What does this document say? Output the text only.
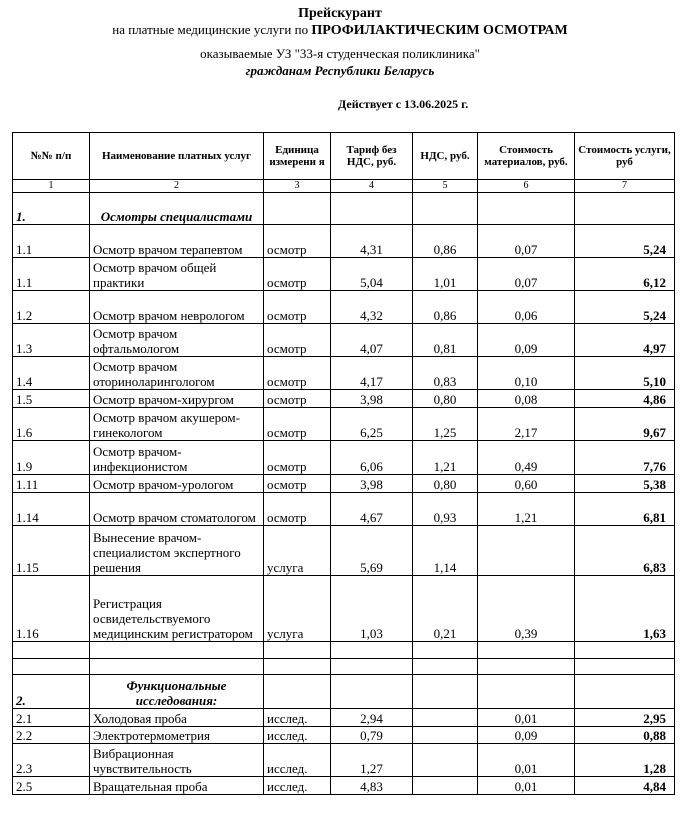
Прейскурант
на платные медицинские услуги по ПРОФИЛАКТИЧЕСКИМ ОСМОТРАМ
оказываемые УЗ "33-я студенческая поликлиника"
гражданам Республики Беларусь
Действует с 13.06.2025 г.
№№ п/п	Наименование платных услуг	Единица измерени я	Тариф без НДС, руб.	НДС, руб.	Стоимость материалов, руб.	Стоимость услуги, руб
1	2	3	4	5	6	7
1.	Осмотры специалистами					
1.1	Осмотр врачом терапевтом	осмотр	4,31	0,86	0,07	5,24
1.1	Осмотр врачом общей практики	осмотр	5,04	1,01	0,07	6,12
1.2	Осмотр врачом неврологом	осмотр	4,32	0,86	0,06	5,24
1.3	Осмотр врачом офтальмологом	осмотр	4,07	0,81	0,09	4,97
1.4	Осмотр врачом оториноларингологом	осмотр	4,17	0,83	0,10	5,10
1.5	Осмотр врачом-хирургом	осмотр	3,98	0,80	0,08	4,86
1.6	Осмотр врачом акушером-гинекологом	осмотр	6,25	1,25	2,17	9,67
1.9	Осмотр врачом-инфекционистом	осмотр	6,06	1,21	0,49	7,76
1.11	Осмотр врачом-урологом	осмотр	3,98	0,80	0,60	5,38
1.14	Осмотр врачом стоматологом	осмотр	4,67	0,93	1,21	6,81
1.15	Вынесение врачом-специалистом экспертного решения	услуга	5,69	1,14		6,83
1.16	Регистрация освидетельствуемого медицинским регистратором	услуга	1,03	0,21	0,39	1,63

2.	Функциональные исследования:					
2.1	Холодовая проба	исслед.	2,94		0,01	2,95
2.2	Электротермометрия	исслед.	0,79		0,09	0,88
2.3	Вибрационная чувствительность	исслед.	1,27		0,01	1,28
2.5	Вращательная проба	исслед.	4,83		0,01	4,84
